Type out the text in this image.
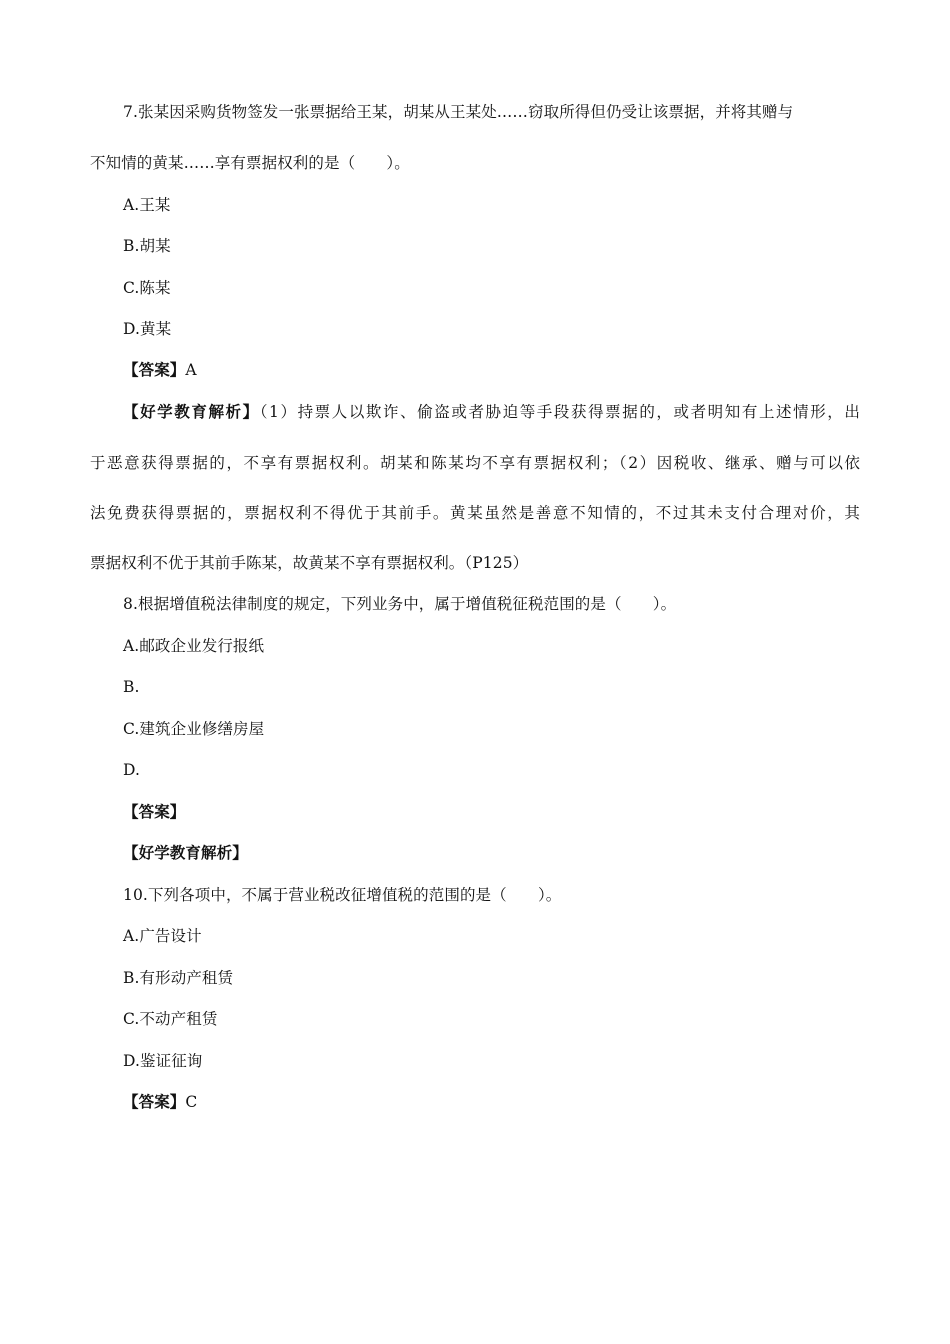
7.张某因采购货物签发一张票据给王某，胡某从王某处……窃取所得但仍受让该票据，并将其赠与
不知情的黄某……享有票据权利的是（　　）。
A.王某
B.胡某
C.陈某
D.黄某
【答案】A
【好学教育解析】（1）持票人以欺诈、偷盗或者胁迫等手段获得票据的，或者明知有上述情形，出
于恶意获得票据的，不享有票据权利。胡某和陈某均不享有票据权利；（2）因税收、继承、赠与可以依
法免费获得票据的，票据权利不得优于其前手。黄某虽然是善意不知情的，不过其未支付合理对价，其
票据权利不优于其前手陈某，故黄某不享有票据权利。（P125）
8.根据增值税法律制度的规定，下列业务中，属于增值税征税范围的是（　　）。
A.邮政企业发行报纸
B.
C.建筑企业修缮房屋
D.
【答案】
【好学教育解析】
10.下列各项中，不属于营业税改征增值税的范围的是（　　）。
A.广告设计
B.有形动产租赁
C.不动产租赁
D.鉴证征询
【答案】C
